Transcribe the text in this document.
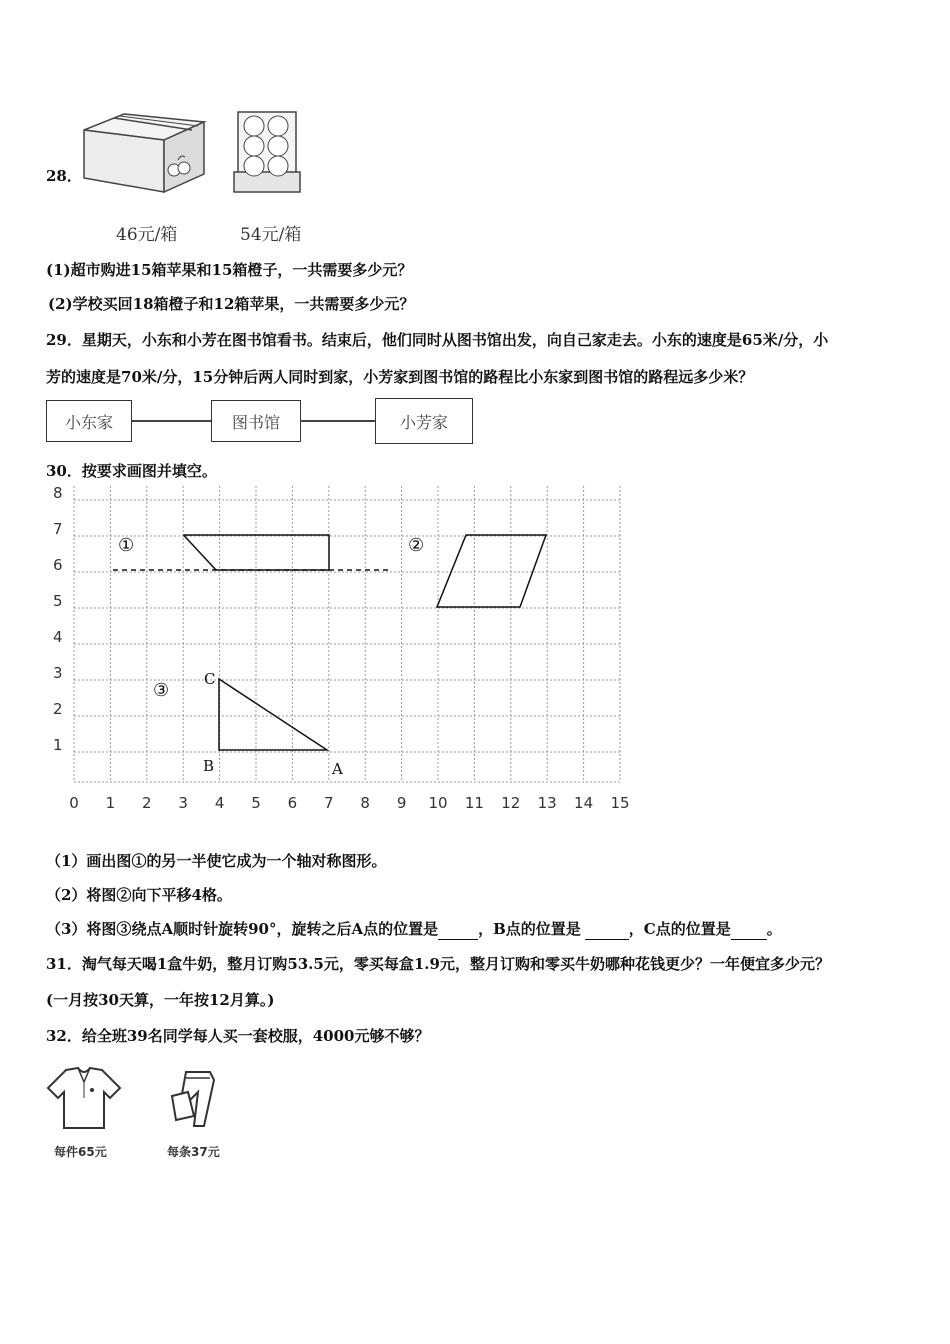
28．
46元/箱	54元/箱
(1)超市购进15箱苹果和15箱橙子，一共需要多少元？
(2)学校买回18箱橙子和12箱苹果，一共需要多少元？
29．星期天，小东和小芳在图书馆看书。结束后，他们同时从图书馆出发，向自己家走去。小东的速度是65米/分，小
芳的速度是70米/分，15分钟后两人同时到家，小芳家到图书馆的路程比小东家到图书馆的路程远多少米？
小东家	图书馆	小芳家
30．按要求画图并填空。
0 1 2 3 4 5 6 7 8 9 10 11 12 13 14 15
1
2
3
4
5
6
7
8
①	②
③
C
B	A
（1）画出图①的另一半使它成为一个轴对称图形。
（2）将图②向下平移4格。
（3）将图③绕点A顺时针旋转90°，旋转之后A点的位置是	，B点的位置是	，C点的位置是 。
31．淘气每天喝1盒牛奶，整月订购53.5元，零买每盒1.9元，整月订购和零买牛奶哪种花钱更少？一年便宜多少元？
(一月按30天算，一年按12月算。)
32．给全班39名同学每人买一套校服，4000元够不够？
每件65元	每条37元
